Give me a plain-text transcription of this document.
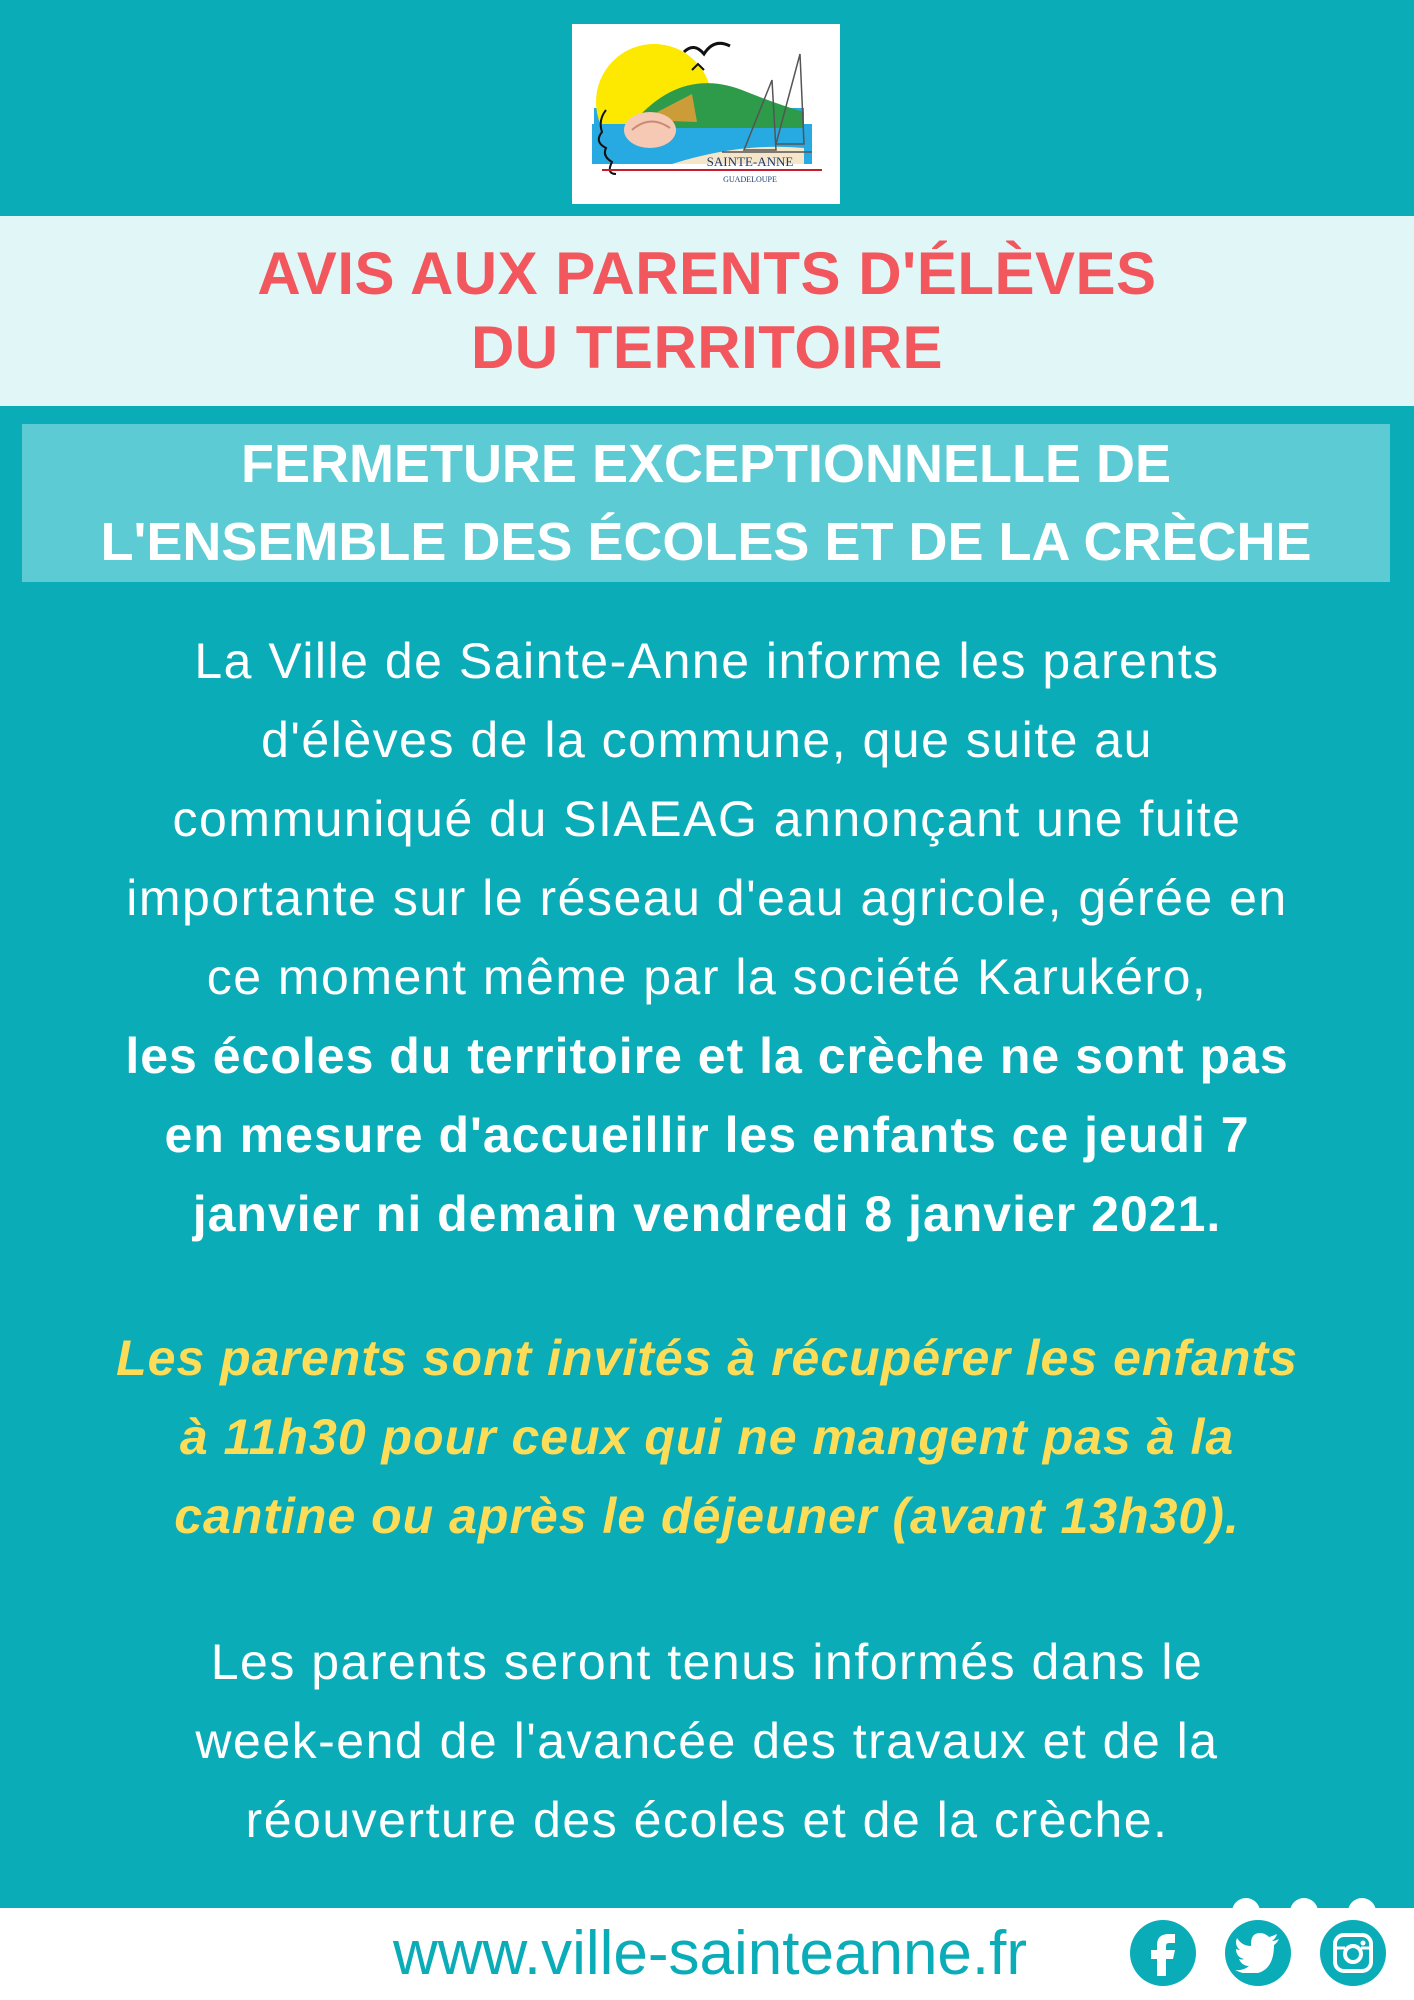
SAINTE-ANNE
GUADELOUPE
AVIS AUX PARENTS D'ÉLÈVES
DU TERRITOIRE
FERMETURE EXCEPTIONNELLE DE
L'ENSEMBLE DES ÉCOLES ET DE LA CRÈCHE
La Ville de Sainte-Anne informe les parents
d'élèves de la commune, que suite au
communiqué du SIAEAG annonçant une fuite
importante sur le réseau d'eau agricole, gérée en
ce moment même par la société Karukéro,
les écoles du territoire et la crèche ne sont pas
en mesure d'accueillir les enfants ce jeudi 7
janvier ni demain vendredi 8 janvier 2021.
Les parents sont invités à récupérer les enfants
à 11h30 pour ceux qui ne mangent pas à la
cantine ou après le déjeuner (avant 13h30).
Les parents seront tenus informés dans le
week-end de l'avancée des travaux et de la
réouverture des écoles et de la crèche.
www.ville-sainteanne.fr
